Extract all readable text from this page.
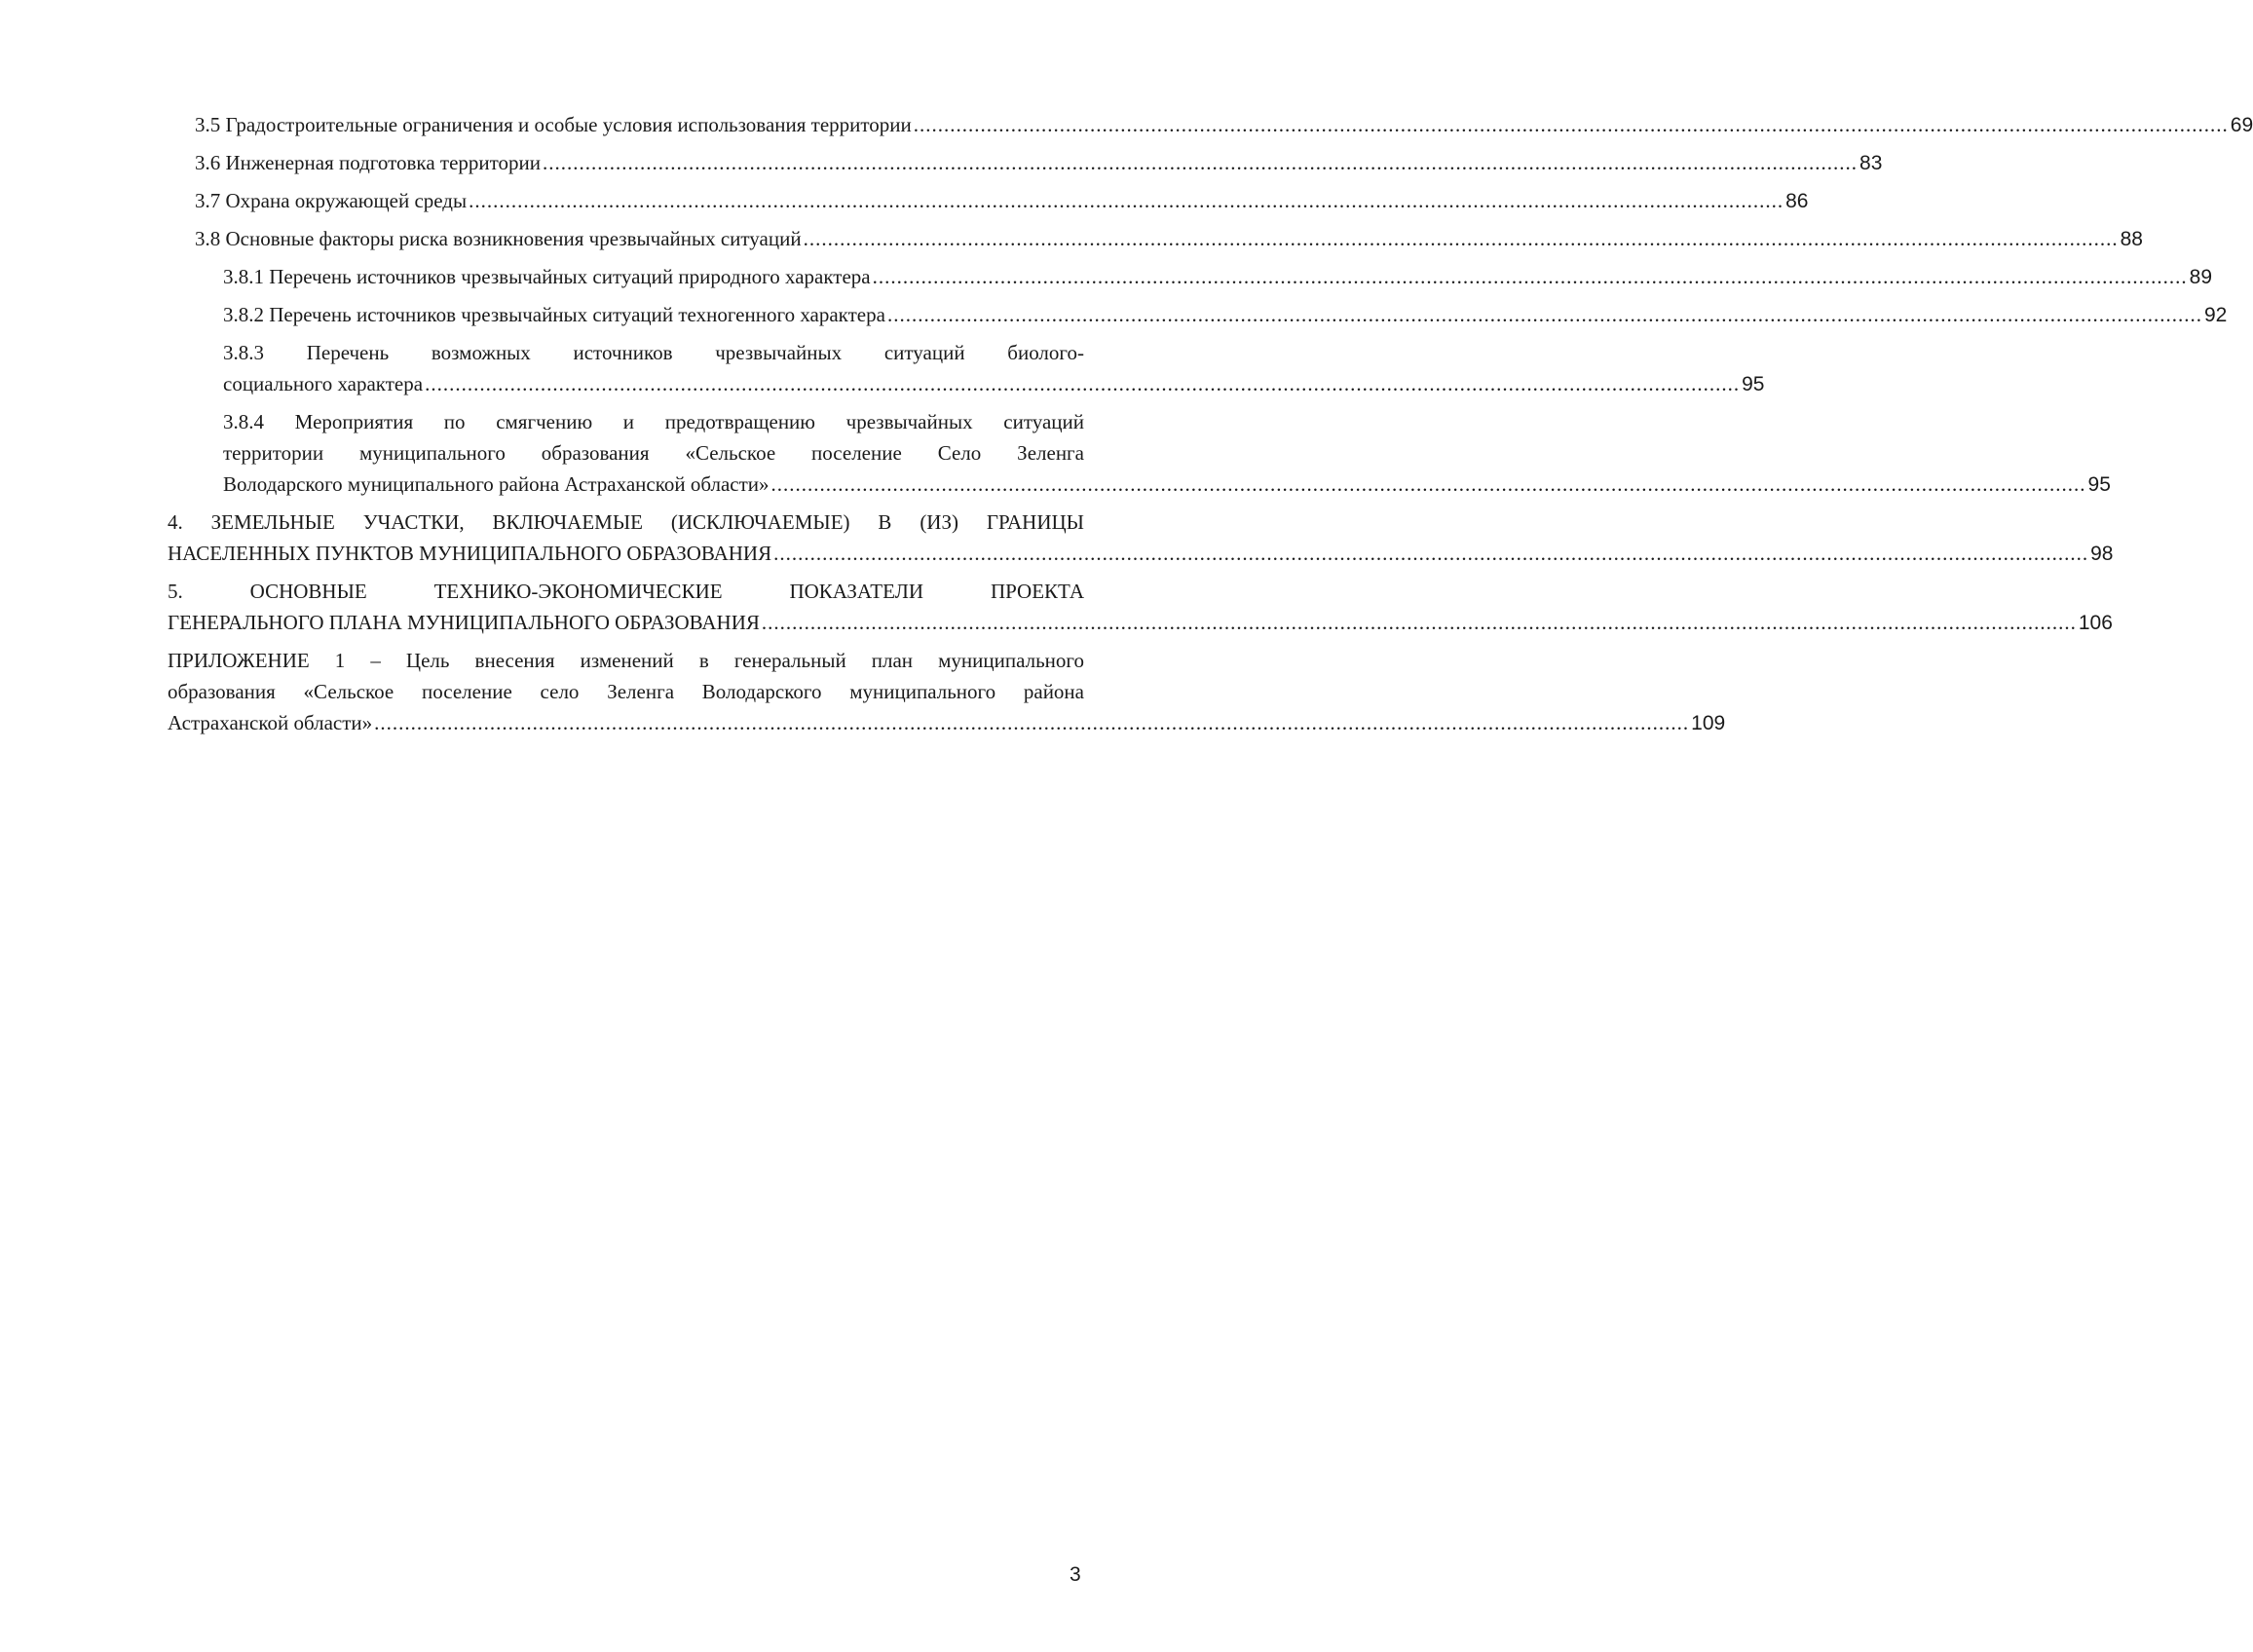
3.5 Градостроительные ограничения и особые условия использования территории .....	69
3.6 Инженерная подготовка территории .....	83
3.7 Охрана окружающей среды .....	86
3.8 Основные факторы риска возникновения чрезвычайных ситуаций .....	88
3.8.1 Перечень источников чрезвычайных ситуаций природного характера .....	89
3.8.2 Перечень источников чрезвычайных ситуаций техногенного характера .....	92
3.8.3 Перечень возможных источников чрезвычайных ситуаций биолого-
социального характера .....	95
3.8.4 Мероприятия по смягчению и предотвращению чрезвычайных ситуаций
территории муниципального образования «Сельское поселение Село Зеленга
Володарского муниципального района Астраханской области» .....	95
4. ЗЕМЕЛЬНЫЕ УЧАСТКИ, ВКЛЮЧАЕМЫЕ (ИСКЛЮЧАЕМЫЕ) В (ИЗ) ГРАНИЦЫ
НАСЕЛЕННЫХ ПУНКТОВ МУНИЦИПАЛЬНОГО ОБРАЗОВАНИЯ .....	98
5. ОСНОВНЫЕ ТЕХНИКО-ЭКОНОМИЧЕСКИЕ ПОКАЗАТЕЛИ ПРОЕКТА
ГЕНЕРАЛЬНОГО ПЛАНА МУНИЦИПАЛЬНОГО ОБРАЗОВАНИЯ .....	106
ПРИЛОЖЕНИЕ 1 – Цель внесения изменений в генеральный план муниципального
образования «Сельское поселение село Зеленга Володарского муниципального района
Астраханской области» .....	109
3
